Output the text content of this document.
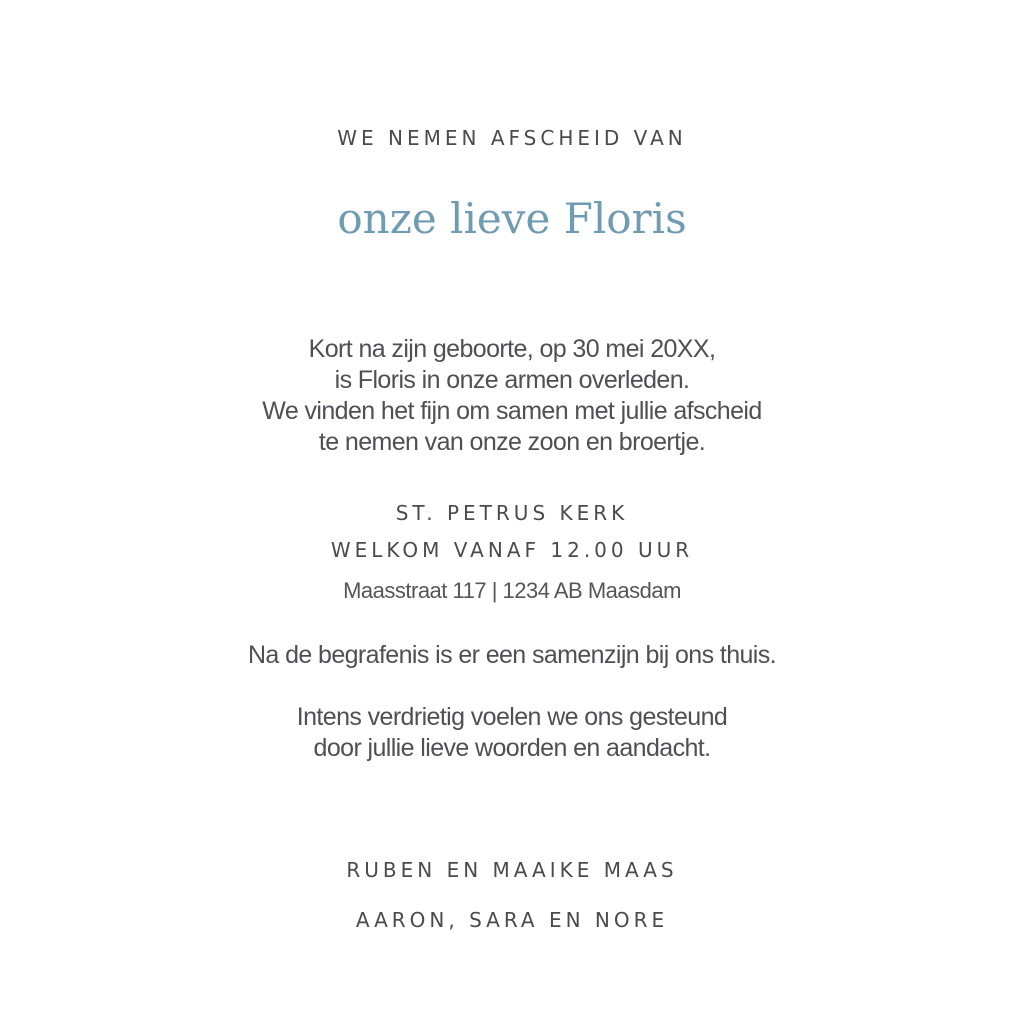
WE NEMEN AFSCHEID VAN
onze lieve Floris
Kort na zijn geboorte, op 30 mei 20XX,
is Floris in onze armen overleden.
We vinden het fijn om samen met jullie afscheid
te nemen van onze zoon en broertje.
ST. PETRUS KERK
WELKOM VANAF 12.00 UUR
Maasstraat 117 | 1234 AB Maasdam
Na de begrafenis is er een samenzijn bij ons thuis.
Intens verdrietig voelen we ons gesteund
door jullie lieve woorden en aandacht.
RUBEN EN MAAIKE MAAS
AARON, SARA EN NORE
